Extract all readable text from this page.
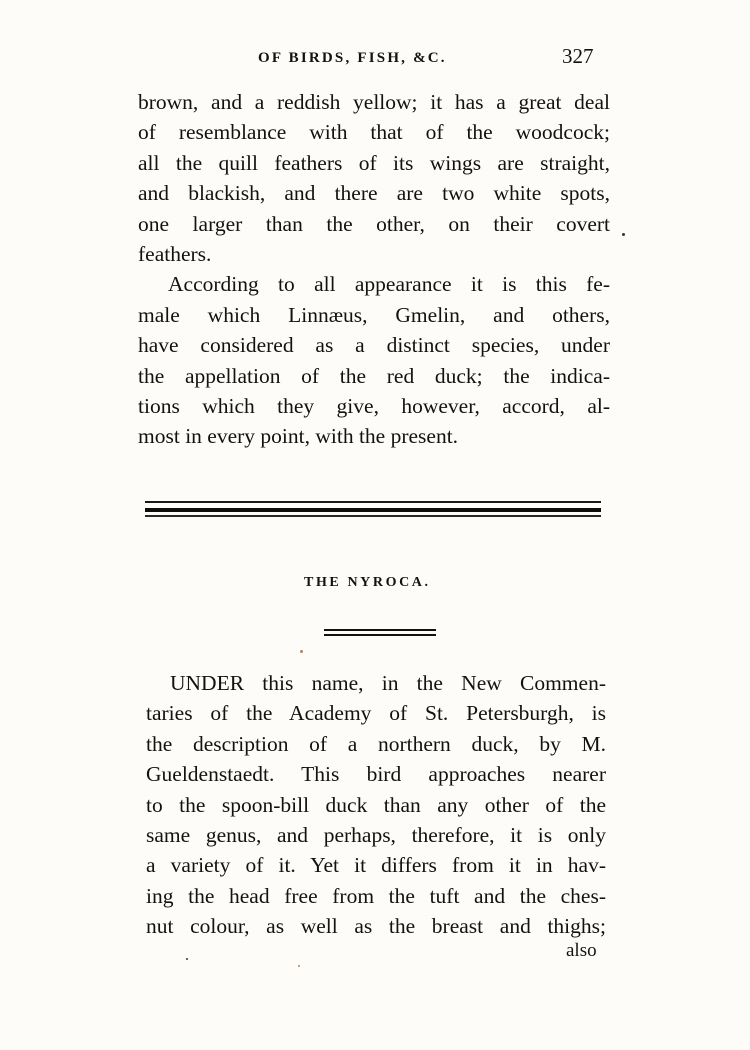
OF BIRDS, FISH, &C.	327
brown, and a reddish yellow; it has a great deal
of resemblance with that of the woodcock;
all the quill feathers of its wings are straight,
and blackish, and there are two white spots,
one larger than the other, on their covert
feathers.
According to all appearance it is this fe-
male which Linnæus, Gmelin, and others,
have considered as a distinct species, under
the appellation of the red duck; the indica-
tions which they give, however, accord, al-
most in every point, with the present.
THE NYROCA.
UNDER this name, in the New Commen-
taries of the Academy of St. Petersburgh, is
the description of a northern duck, by M.
Gueldenstaedt. This bird approaches nearer
to the spoon-bill duck than any other of the
same genus, and perhaps, therefore, it is only
a variety of it. Yet it differs from it in hav-
ing the head free from the tuft and the ches-
nut colour, as well as the breast and thighs;
also
